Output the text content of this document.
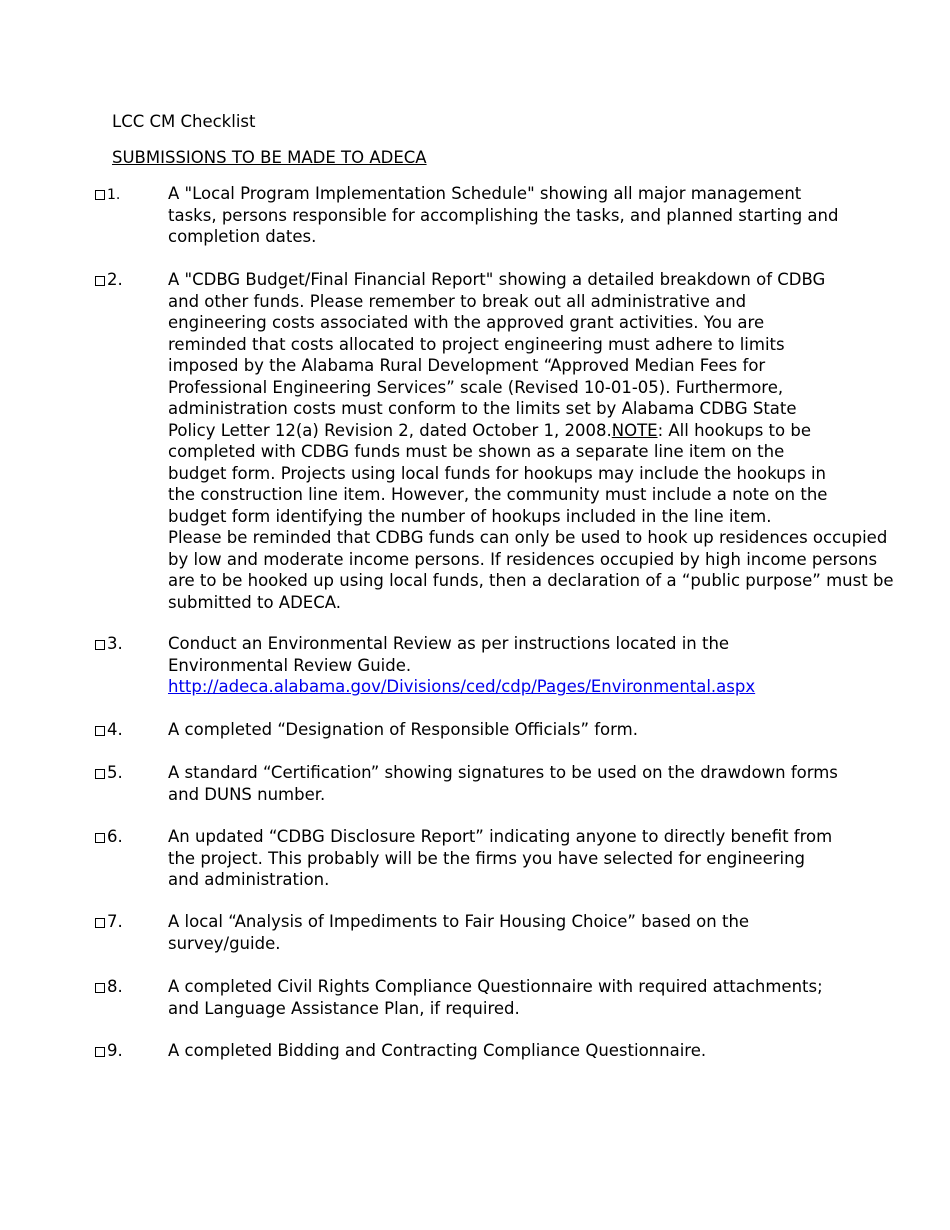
LCC CM Checklist
SUBMISSIONS TO BE MADE TO ADECA
1.	A "Local Program Implementation Schedule" showing all major management tasks, persons responsible for accomplishing the tasks, and planned starting and completion dates.

2.	A "CDBG Budget/Final Financial Report" showing a detailed breakdown of CDBG and other funds. Please remember to break out all administrative and engineering costs associated with the approved grant activities. You are reminded that costs allocated to project engineering must adhere to limits imposed by the Alabama Rural Development “Approved Median Fees for Professional Engineering Services” scale (Revised 10-01-05). Furthermore, administration costs must conform to the limits set by Alabama CDBG State Policy Letter 12(a) Revision 2, dated October 1, 2008.NOTE: All hookups to be completed with CDBG funds must be shown as a separate line item on the budget form. Projects using local funds for hookups may include the hookups in the construction line item. However, the community must include a note on the budget form identifying the number of hookups included in the line item.

Please be reminded that CDBG funds can only be used to hook up residences occupied by low and moderate income persons. If residences occupied by high income persons are to be hooked up using local funds, then a declaration of a “public purpose” must be submitted to ADECA.

3.	Conduct an Environmental Review as per instructions located in the Environmental Review Guide.

http://adeca.alabama.gov/Divisions/ced/cdp/Pages/Environmental.aspx

4.	A completed “Designation of Responsible Officials” form.

5.	A standard “Certification” showing signatures to be used on the drawdown forms and DUNS number.

6.	An updated “CDBG Disclosure Report” indicating anyone to directly benefit from the project. This probably will be the firms you have selected for engineering and administration.

7.	A local “Analysis of Impediments to Fair Housing Choice” based on the survey/guide.

8.	A completed Civil Rights Compliance Questionnaire with required attachments; and Language Assistance Plan, if required.

9.	A completed Bidding and Contracting Compliance Questionnaire.
